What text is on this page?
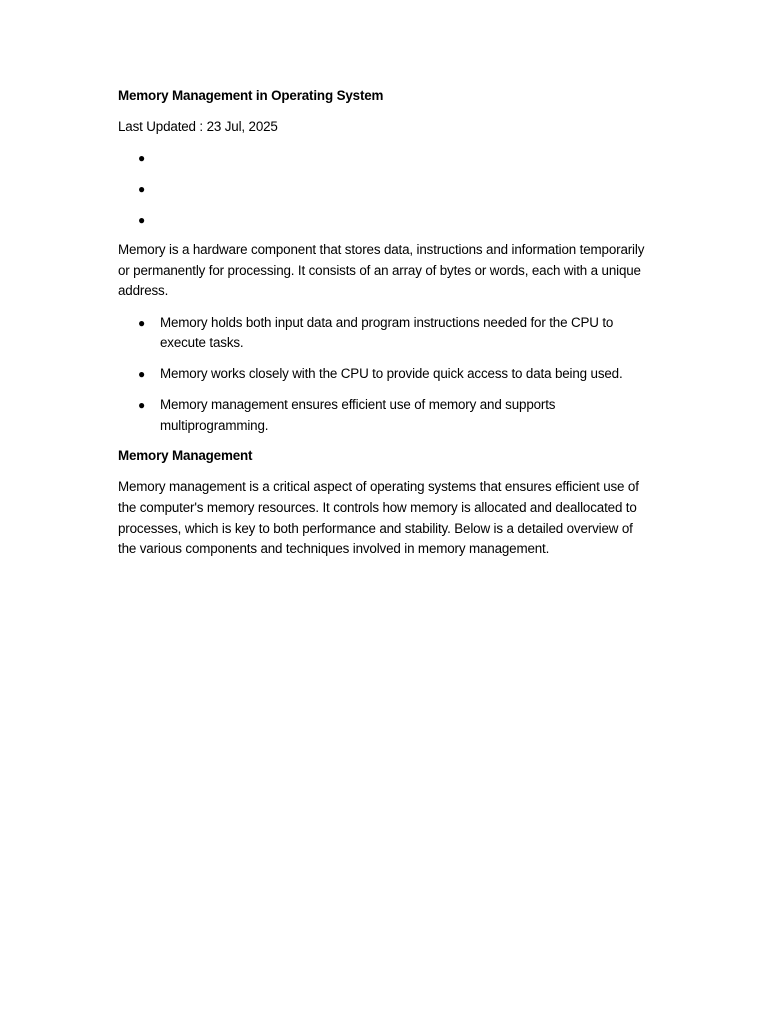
Memory Management in Operating System
Last Updated : 23 Jul, 2025
●
●
●

Memory is a hardware component that stores data, instructions and information temporarily or permanently for processing. It consists of an array of bytes or words, each with a unique address.

● Memory holds both input data and program instructions needed for the CPU to execute tasks.
● Memory works closely with the CPU to provide quick access to data being used.
● Memory management ensures efficient use of memory and supports multiprogramming.
Memory Management

Memory management is a critical aspect of operating systems that ensures efficient use of the computer's memory resources. It controls how memory is allocated and deallocated to processes, which is key to both performance and stability. Below is a detailed overview of the various components and techniques involved in memory management.
